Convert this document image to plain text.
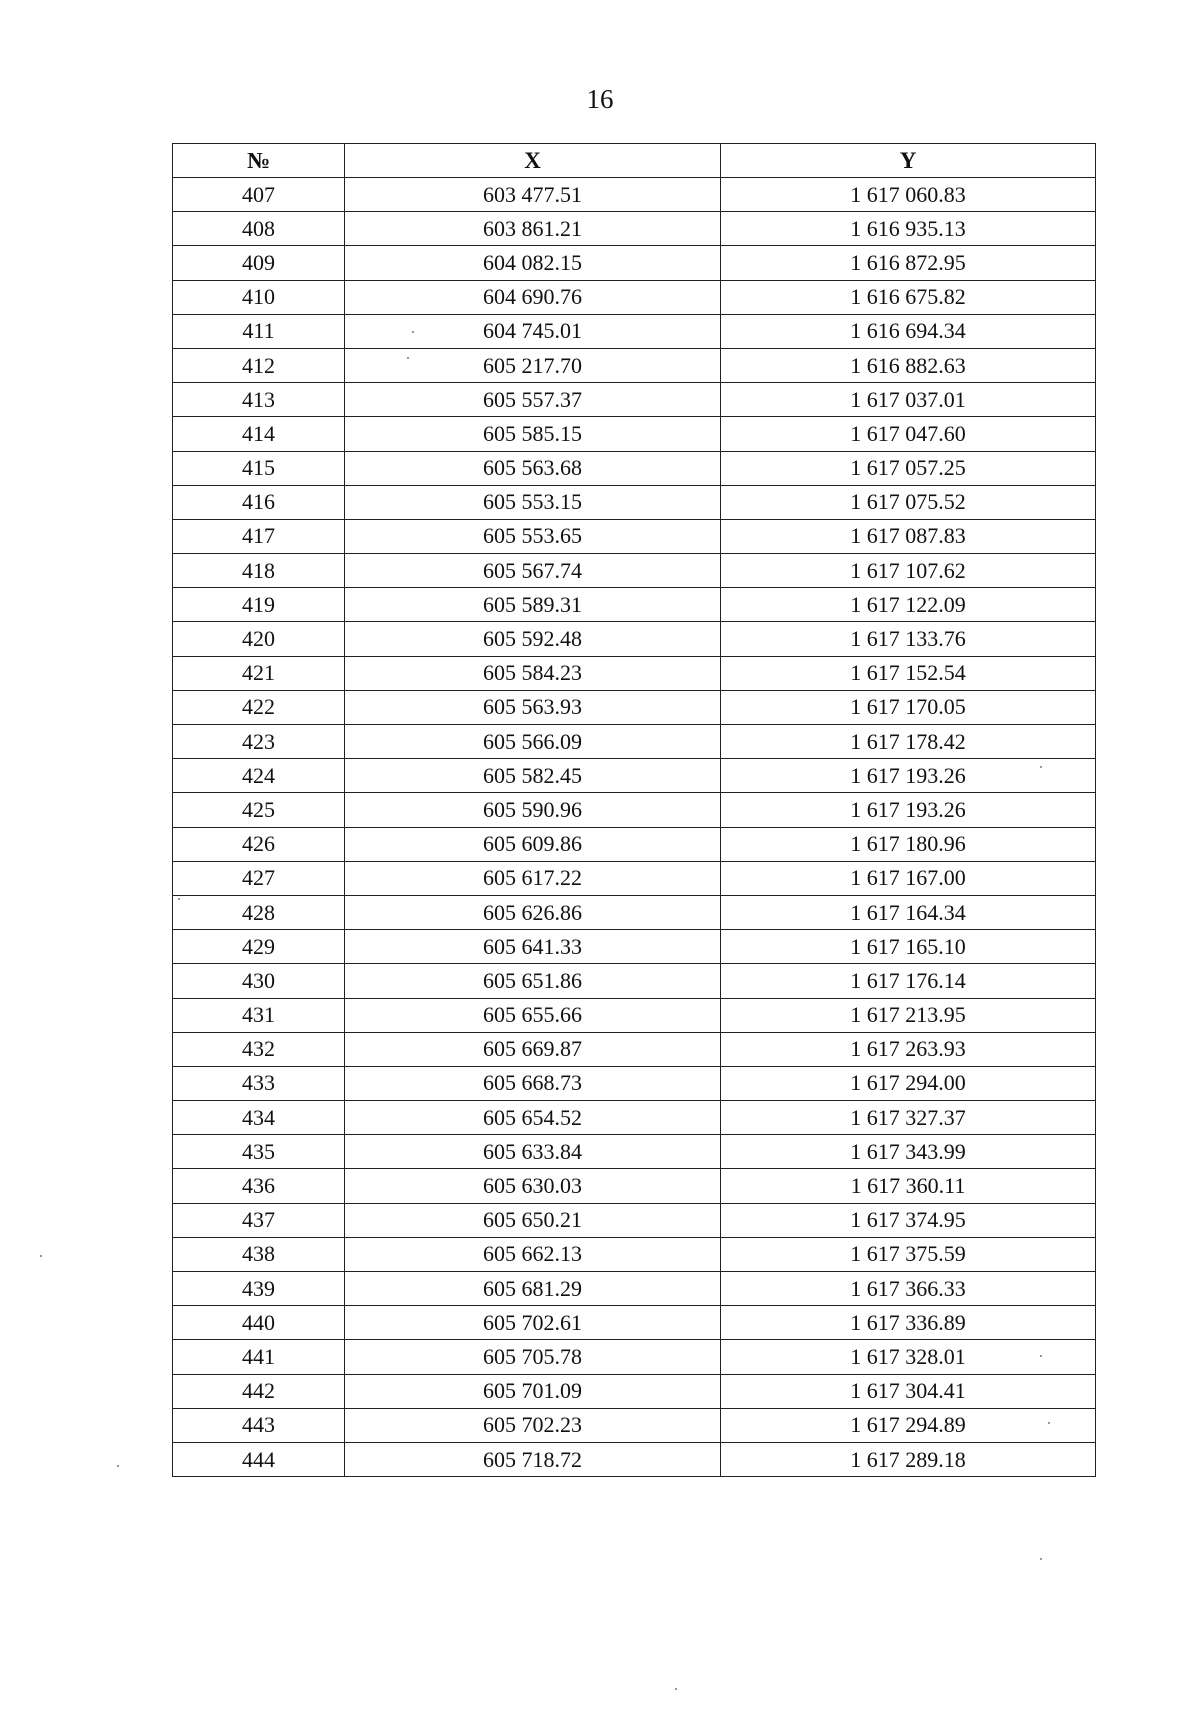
16
№	X	Y
407	603 477.51	1 617 060.83
408	603 861.21	1 616 935.13
409	604 082.15	1 616 872.95
410	604 690.76	1 616 675.82
411	604 745.01	1 616 694.34
412	605 217.70	1 616 882.63
413	605 557.37	1 617 037.01
414	605 585.15	1 617 047.60
415	605 563.68	1 617 057.25
416	605 553.15	1 617 075.52
417	605 553.65	1 617 087.83
418	605 567.74	1 617 107.62
419	605 589.31	1 617 122.09
420	605 592.48	1 617 133.76
421	605 584.23	1 617 152.54
422	605 563.93	1 617 170.05
423	605 566.09	1 617 178.42
424	605 582.45	1 617 193.26
425	605 590.96	1 617 193.26
426	605 609.86	1 617 180.96
427	605 617.22	1 617 167.00
428	605 626.86	1 617 164.34
429	605 641.33	1 617 165.10
430	605 651.86	1 617 176.14
431	605 655.66	1 617 213.95
432	605 669.87	1 617 263.93
433	605 668.73	1 617 294.00
434	605 654.52	1 617 327.37
435	605 633.84	1 617 343.99
436	605 630.03	1 617 360.11
437	605 650.21	1 617 374.95
438	605 662.13	1 617 375.59
439	605 681.29	1 617 366.33
440	605 702.61	1 617 336.89
441	605 705.78	1 617 328.01
442	605 701.09	1 617 304.41
443	605 702.23	1 617 294.89
444	605 718.72	1 617 289.18
